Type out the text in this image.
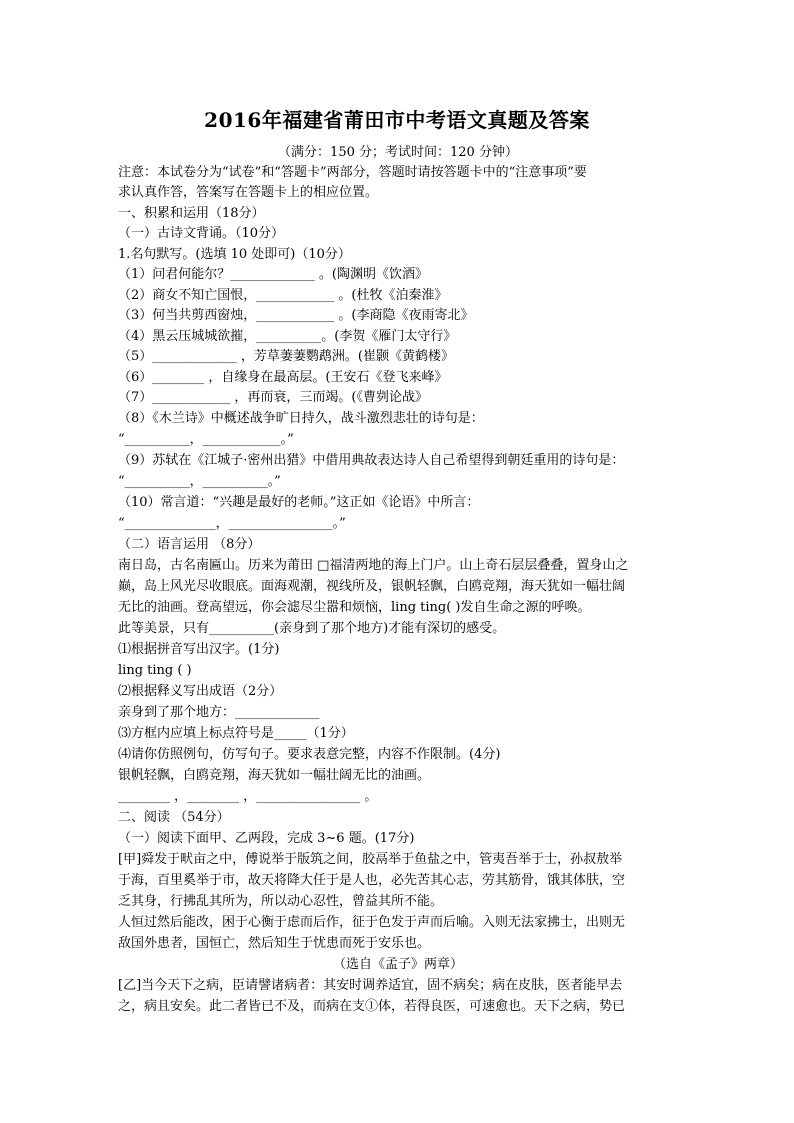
2016年福建省莆田市中考语文真题及答案
（满分：150 分；考试时间：120 分钟）
注意：本试卷分为“试卷”和“答题卡”两部分，答题时请按答题卡中的“注意事项”要
求认真作答，答案写在答题卡上的相应位置。
一、积累和运用（18分）
（一）古诗文背诵。（10分）
1.名句默写。(选填 10 处即可)（10分）
（1）问君何能尔？_____________ 。(陶渊明《饮酒》
（2）商女不知亡国恨，____________ 。(杜牧《泊秦淮》
（3）何当共剪西窗烛，____________ 。(李商隐《夜雨寄北》
（4）黑云压城城欲摧，__________。(李贺《雁门太守行》
（5）_____________ ，芳草萋萋鹦鹉洲。(崔颢《黄鹤楼》
（6）________ ，自缘身在最高层。(王安石《登飞来峰》
（7）____________ ，再而衰，三而竭。(《曹刿论战》
（8）《木兰诗》中概述战争旷日持久，战斗激烈悲壮的诗句是：
“__________，____________。”
（9）苏轼在《江城子·密州出猎》中借用典故表达诗人自己希望得到朝廷重用的诗句是：
“__________，__________。”
（10）常言道：“兴趣是最好的老师。”这正如《论语》中所言：
“______________，________________。”
（二）语言运用 （8分）
南日岛，古名南匾山。历来为莆田 □福清两地的海上门户。山上奇石层层叠叠，置身山之
巅，岛上风光尽收眼底。面海观潮，视线所及，银帆轻飘，白鸥竞翔，海天犹如一幅壮阔
无比的油画。登高望远，你会滤尽尘嚣和烦恼，ling ting( )发自生命之源的呼唤。
此等美景，只有__________(亲身到了那个地方)才能有深切的感受。
⑴根据拼音写出汉字。(1分)
ling ting ( )
⑵根据释义写出成语（2分）
亲身到了那个地方：_____________
⑶方框内应填上标点符号是_____（1分）
⑷请你仿照例句，仿写句子。要求表意完整，内容不作限制。(4分)
银帆轻飘，白鸥竞翔，海天犹如一幅壮阔无比的油画。
________ ，________ ，________________ 。
二、阅读 （54分）
（一）阅读下面甲、乙两段，完成 3~6 题。(17分)
[甲]舜发于畎亩之中，傅说举于版筑之间，胶鬲举于鱼盐之中，管夷吾举于士，孙叔敖举
于海，百里奚举于市，故天将降大任于是人也，必先苦其心志，劳其筋骨，饿其体肤，空
乏其身，行拂乱其所为，所以动心忍性，曾益其所不能。
人恒过然后能改，困于心衡于虑而后作，征于色发于声而后喻。入则无法家拂士，出则无
敌国外患者，国恒亡，然后知生于忧患而死于安乐也。
（选自《孟子》两章）
[乙]当今天下之病，臣请譬诸病者：其安时调养适宜，固不病矣；病在皮肤，医者能早去
之，病且安矣。此二者皆已不及，而病在支①体，若得良医，可速愈也。天下之病，势已
